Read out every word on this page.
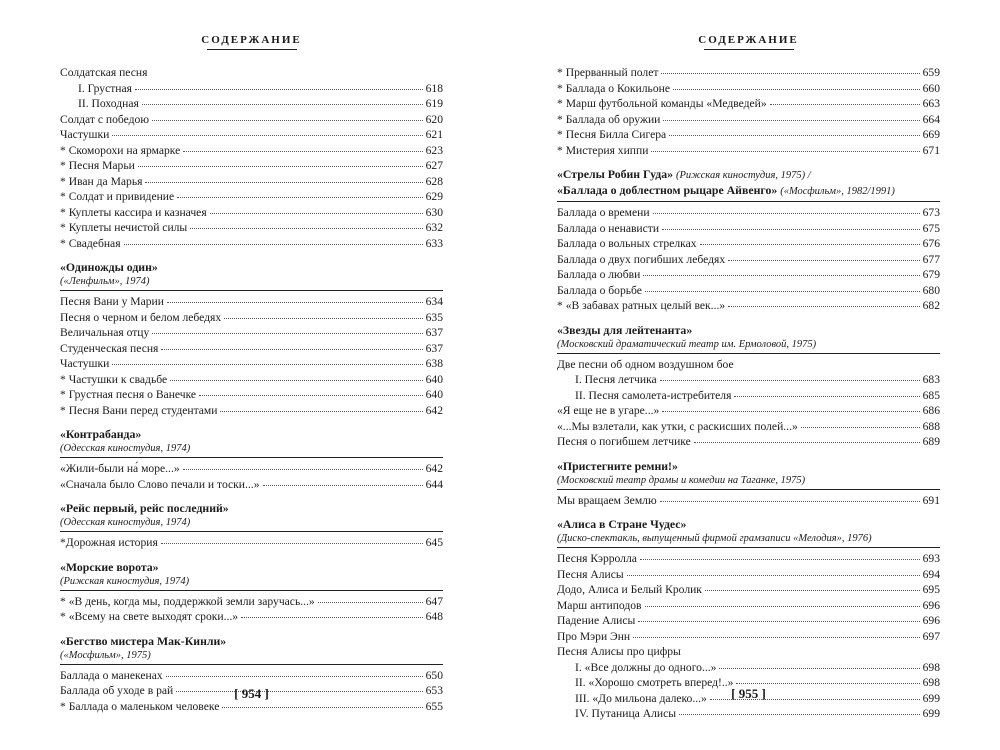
СОДЕРЖАНИЕ
Солдатская песня
I. Грустная	618
II. Походная	619
Солдат с победою	620
Частушки	621
* Скоморохи на ярмарке	623
* Песня Марьи	627
* Иван да Марья	628
* Солдат и привидение	629
* Куплеты кассира и казначея	630
* Куплеты нечистой силы	632
* Свадебная	633
«Одиножды один»
(«Ленфильм», 1974)
Песня Вани у Марии	634
Песня о черном и белом лебедях	635
Величальная отцу	637
Студенческая песня	637
Частушки	638
* Частушки к свадьбе	640
* Грустная песня о Ванечке	640
* Песня Вани перед студентами	642
«Контрабанда»
(Одесская киностудия, 1974)
«Жили-были на́ море...»	642
«Сначала было Слово печали и тоски...»	644
«Рейс первый, рейс последний»
(Одесская киностудия, 1974)
*Дорожная история	645
«Морские ворота»
(Рижская киностудия, 1974)
* «В день, когда мы, поддержкой земли заручась...»	647
* «Всему на свете выходят сроки...»	648
«Бегство мистера Мак-Кинли»
(«Мосфильм», 1975)
Баллада о манекенах	650
Баллада об уходе в рай	653
* Баллада о маленьком человеке	655
[ 954 ]
СОДЕРЖАНИЕ
* Прерванный полет	659
* Баллада о Кокильоне	660
* Марш футбольной команды «Медведей»	663
* Баллада об оружии	664
* Песня Билла Сигера	669
* Мистерия хиппи	671
«Стрелы Робин Гуда» (Рижская киностудия, 1975) /
«Баллада о доблестном рыцаре Айвенго» («Мосфильм», 1982/1991)
Баллада о времени	673
Баллада о ненависти	675
Баллада о вольных стрелках	676
Баллада о двух погибших лебедях	677
Баллада о любви	679
Баллада о борьбе	680
* «В забавах ратных целый век...»	682
«Звезды для лейтенанта»
(Московский драматический театр им. Ермоловой, 1975)
Две песни об одном воздушном бое
I. Песня летчика	683
II. Песня самолета-истребителя	685
«Я еще не в угаре...»	686
«...Мы взлетали, как утки, с раскисших полей...»	688
Песня о погибшем летчике	689
«Пристегните ремни!»
(Московский театр драмы и комедии на Таганке, 1975)
Мы вращаем Землю	691
«Алиса в Стране Чудес»
(Диско-спектакль, выпущенный фирмой грамзаписи «Мелодия», 1976)
Песня Кэрролла	693
Песня Алисы	694
Додо, Алиса и Белый Кролик	695
Марш антиподов	696
Падение Алисы	696
Про Мэри Энн	697
Песня Алисы про цифры
I. «Все должны до одного...»	698
II. «Хорошо смотреть вперед!..»	698
III. «До мильона далеко...»	699
IV. Путаница Алисы	699
[ 955 ]
